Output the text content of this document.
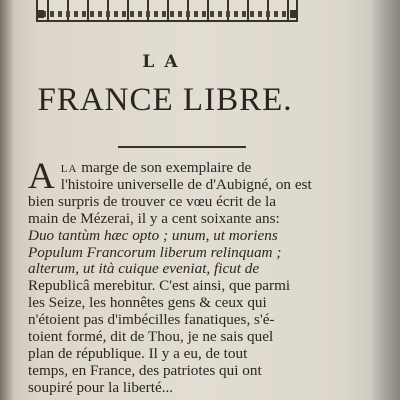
LA
FRANCE LIBRE.
A la marge de son exemplaire de
l'histoire universelle de d'Aubigné, on est
bien surpris de trouver ce vœu écrit de la
main de Mézerai, il y a cent soixante ans:
Duo tantùm hæc opto ; unum, ut moriens
Populum Francorum liberum relinquam ;
alterum, ut ità cuique eveniat, ficut de
Republicâ merebitur. C'est ainsi, que parmi
les Seize, les honnêtes gens & ceux qui
n'étoient pas d'imbécilles fanatiques, s'é-
toient formé, dit de Thou, je ne sais quel
plan de république. Il y a eu, de tout
temps, en France, des patriotes qui ont
soupiré pour la liberté...
